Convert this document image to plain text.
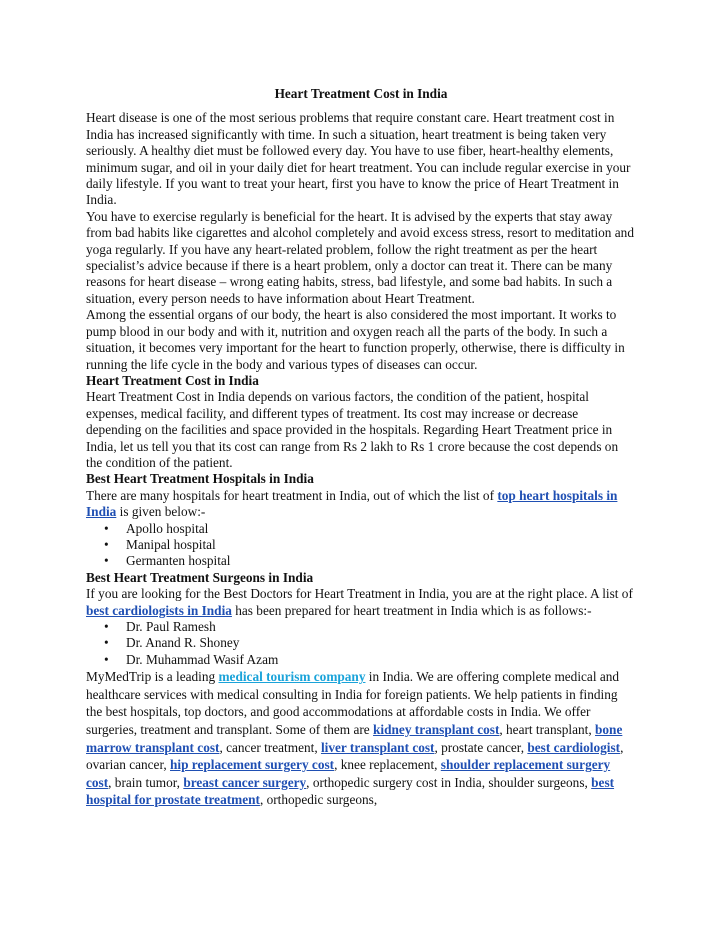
Heart Treatment Cost in India

Heart disease is one of the most serious problems that require constant care. Heart treatment cost in India has increased significantly with time. In such a situation, heart treatment is being taken very seriously. A healthy diet must be followed every day. You have to use fiber, heart-healthy elements, minimum sugar, and oil in your daily diet for heart treatment. You can include regular exercise in your daily lifestyle. If you want to treat your heart, first you have to know the price of Heart Treatment in India.

You have to exercise regularly is beneficial for the heart. It is advised by the experts that stay away from bad habits like cigarettes and alcohol completely and avoid excess stress, resort to meditation and yoga regularly. If you have any heart-related problem, follow the right treatment as per the heart specialist’s advice because if there is a heart problem, only a doctor can treat it. There can be many reasons for heart disease – wrong eating habits, stress, bad lifestyle, and some bad habits. In such a situation, every person needs to have information about Heart Treatment.

Among the essential organs of our body, the heart is also considered the most important. It works to pump blood in our body and with it, nutrition and oxygen reach all the parts of the body. In such a situation, it becomes very important for the heart to function properly, otherwise, there is difficulty in running the life cycle in the body and various types of diseases can occur.

Heart Treatment Cost in India

Heart Treatment Cost in India depends on various factors, the condition of the patient, hospital expenses, medical facility, and different types of treatment. Its cost may increase or decrease depending on the facilities and space provided in the hospitals. Regarding Heart Treatment price in India, let us tell you that its cost can range from Rs 2 lakh to Rs 1 crore because the cost depends on the condition of the patient.

Best Heart Treatment Hospitals in India

There are many hospitals for heart treatment in India, out of which the list of top heart hospitals in India is given below:-

• Apollo hospital
• Manipal hospital
• Germanten hospital
Best Heart Treatment Surgeons in India

If you are looking for the Best Doctors for Heart Treatment in India, you are at the right place. A list of best cardiologists in India has been prepared for heart treatment in India which is as follows:-

• Dr. Paul Ramesh
• Dr. Anand R. Shoney
• Dr. Muhammad Wasif Azam

MyMedTrip is a leading medical tourism company in India. We are offering complete medical and healthcare services with medical consulting in India for foreign patients. We help patients in finding the best hospitals, top doctors, and good accommodations at affordable costs in India. We offer surgeries, treatment and transplant. Some of them are kidney transplant cost, heart transplant, bone marrow transplant cost, cancer treatment, liver transplant cost, prostate cancer, best cardiologist, ovarian cancer, hip replacement surgery cost, knee replacement, shoulder replacement surgery cost, brain tumor, breast cancer surgery, orthopedic surgery cost in India, shoulder surgeons, best hospital for prostate treatment, orthopedic surgeons,
